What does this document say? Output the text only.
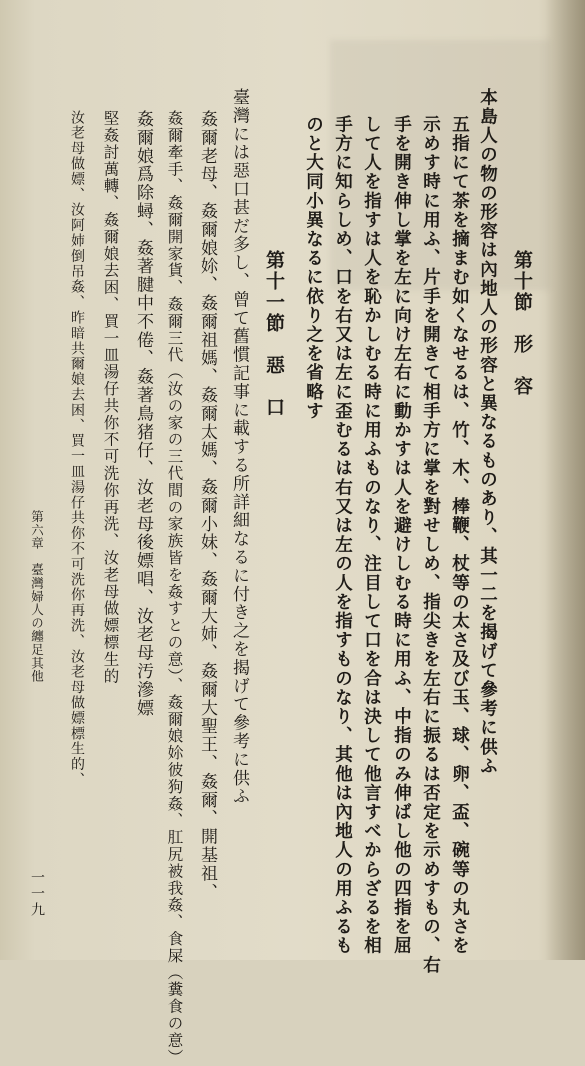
第十節　形　容
本島人の物の形容は內地人の形容と異なるものあり、其一二を揭げて參考に供ふ
五指にて茶を摘まむ如くなせるは、竹、木、棒鞭、杖等の太さ及び玉、球、卵、盃、碗等の丸さを
示めす時に用ふ、片手を開きて相手方に掌を對せしめ、指尖きを左右に振るは否定を示めすもの、右
手を開き伸し掌を左に向け左右に動かすは人を避けしむる時に用ふ、中指のみ伸ばし他の四指を屈
して人を指すは人を恥かしむる時に用ふものなり、注目して口を合は決して他言すべからざるを相
手方に知らしめ、口を右又は左に歪むるは右又は左の人を指すものなり、其他は內地人の用ふるも
のと大同小異なるに依り之を省略す
第十一節　惡　口
臺灣には惡口甚だ多し、曾て舊慣記事に載する所詳細なるに付き之を揭げて參考に供ふ
姦爾老母、姦爾娘㚷、姦爾祖媽、姦爾太媽、姦爾小妹、姦爾大姉、姦爾大聖王、姦爾、開基祖、
姦爾牽手、姦爾開家貨、姦爾三代（汝の家の三代間の家族皆を姦すとの意）、姦爾娘㚷彼狗姦、肛尻被我姦、食屎（糞食の意）
姦爾娘爲除蟳、姦著腱中不倦、姦著鳥猪仔、汝老母後嫖唱、汝老母汚滲嫖
堅姦討萬轉、姦爾娘去困、買一皿湯仔共你不可洗你再洗、汝老母做嫖標生的
汝老母做嫖、汝阿姉倒吊姦、昨暗共爾娘去困、買一皿湯仔共你不可洗你再洗、汝老母做嫖標生的、
第六章　臺灣婦人の纏足其他
一一九
